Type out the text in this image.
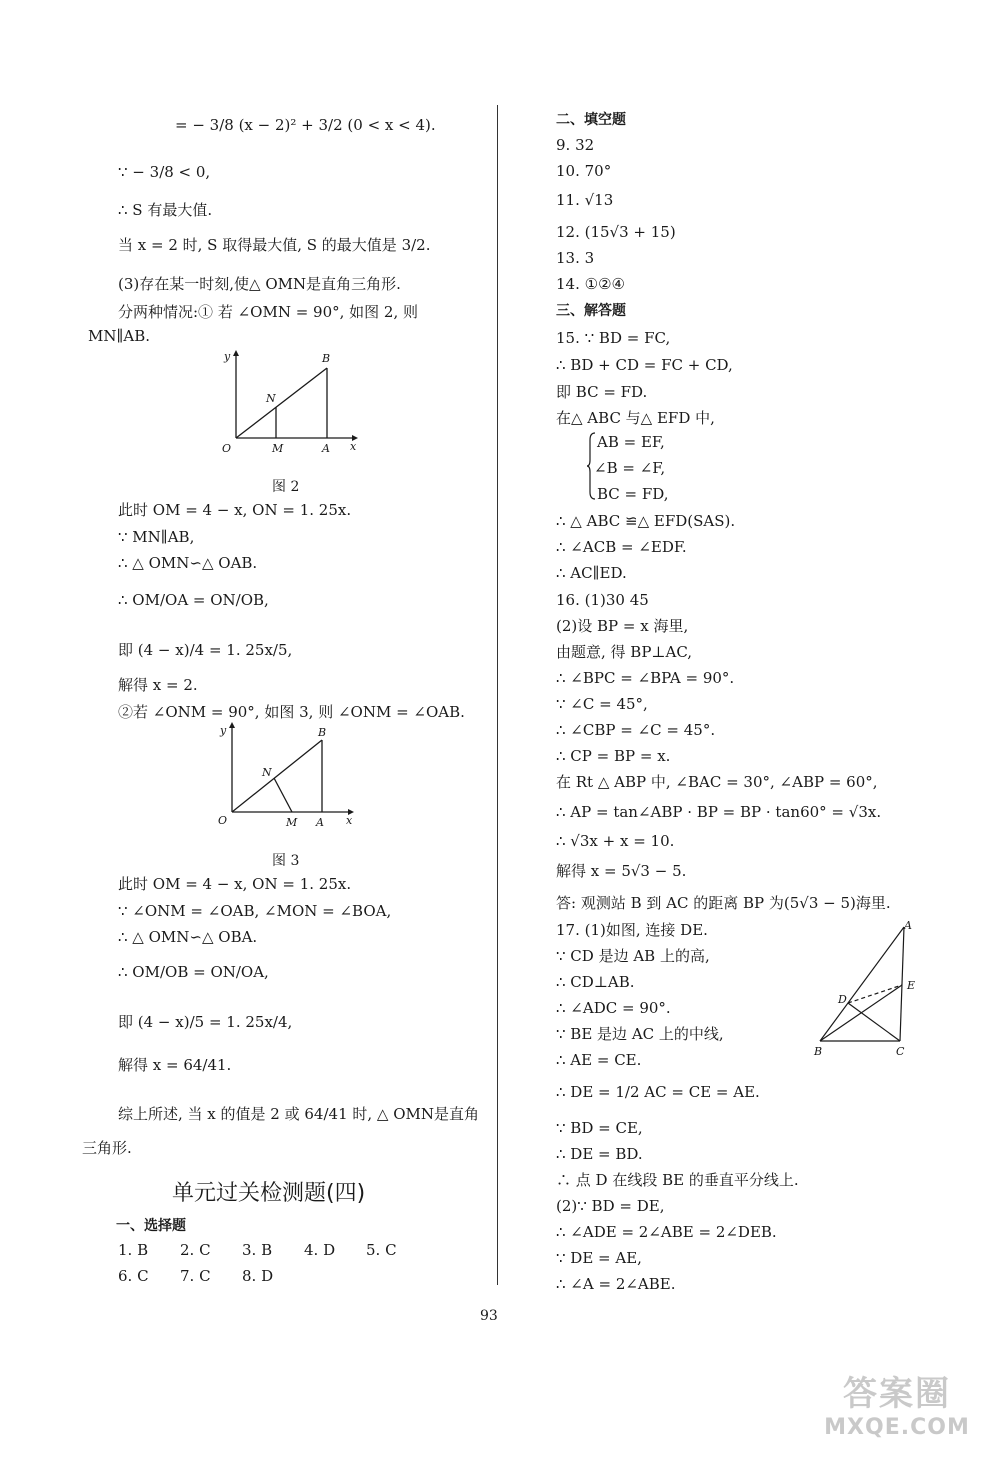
= − 3/8 (x − 2)² + 3/2 (0 < x < 4).
∵ − 3/8 < 0,
∴ S 有最大值.
当 x = 2 时, S 取得最大值, S 的最大值是 3/2.
(3)存在某一时刻,使△ OMN是直角三角形.
分两种情况:① 若 ∠OMN = 90°, 如图 2, 则
MN∥AB.
y	B
N
O	M	A x
图 2
此时 OM = 4 − x, ON = 1. 25x.
∵ MN∥AB,
∴ △ OMN∽△ OAB.
∴ OM/OA = ON/OB,
即 (4 − x)/4 = 1. 25x/5,
解得 x = 2.
②若 ∠ONM = 90°, 如图 3, 则 ∠ONM = ∠OAB.
y	B
N
O	M A x
图 3
此时 OM = 4 − x, ON = 1. 25x.
∵ ∠ONM = ∠OAB, ∠MON = ∠BOA,
∴ △ OMN∽△ OBA.
∴ OM/OB = ON/OA,
即 (4 − x)/5 = 1. 25x/4,
解得 x = 64/41.
综上所述, 当 x 的值是 2 或 64/41 时, △ OMN是直角
三角形.
单元过关检测题(四)
一、选择题
1. B 2. C 3. B 4. D 5. C
6. C 7. C 8. D
二、填空题
9. 32
10. 70°
11. √13
12. (15√3 + 15)
13. 3
14. ①②④
三、解答题
15. ∵ BD = FC,
∴ BD + CD = FC + CD,
即 BC = FD.
在△ ABC 与△ EFD 中,
AB = EF,
∠B = ∠F,
BC = FD,
∴ △ ABC ≌△ EFD(SAS).
∴ ∠ACB = ∠EDF.
∴ AC∥ED.
16. (1)30 45
(2)设 BP = x 海里,
由题意, 得 BP⊥AC,
∴ ∠BPC = ∠BPA = 90°.
∵ ∠C = 45°,
∴ ∠CBP = ∠C = 45°.
∴ CP = BP = x.
在 Rt △ ABP 中, ∠BAC = 30°, ∠ABP = 60°,
∴ AP = tan∠ABP · BP = BP · tan60° = √3x.
∴ √3x + x = 10.
解得 x = 5√3 − 5.
答: 观测站 B 到 AC 的距离 BP 为(5√3 − 5)海里.
17. (1)如图, 连接 DE.
∵ CD 是边 AB 上的高,
∴ CD⊥AB.
∴ ∠ADC = 90°.
∵ BE 是边 AC 上的中线,
∴ AE = CE.
∴ DE = 1/2 AC = CE = AE.
∵ BD = CE,
∴ DE = BD.
∴ 点 D 在线段 BE 的垂直平分线上.
(2)∵ BD = DE,
∴ ∠ADE = 2∠ABE = 2∠DEB.
∵ DE = AE,
∴ ∠A = 2∠ABE.
A
D
E
B	C
93
答案圈
MXQE.COM
